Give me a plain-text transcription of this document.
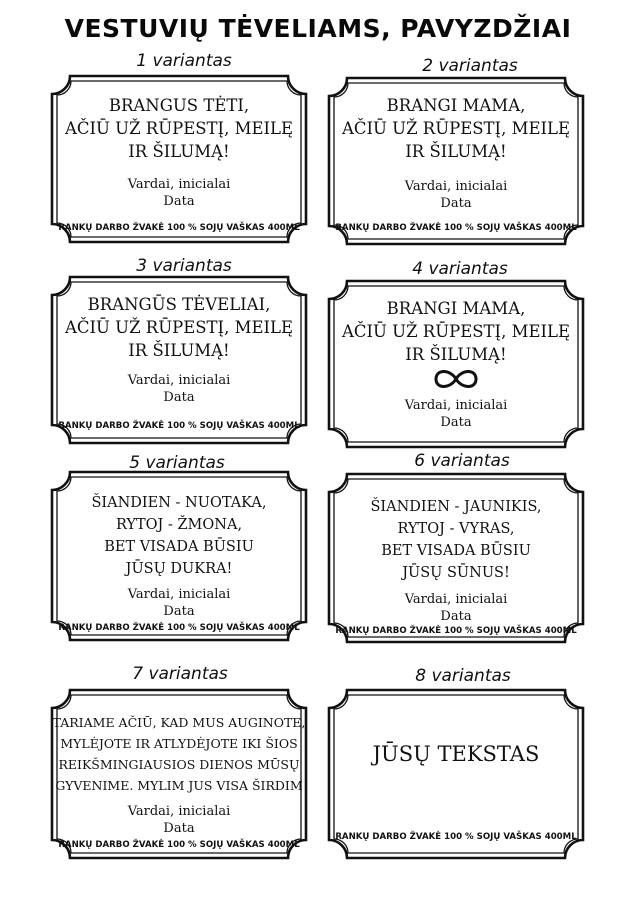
VESTUVIŲ TĖVELIAMS, PAVYZDŽIAI
1 variantas	2 variantas
3 variantas	4 variantas
5 variantas	6 variantas
7 variantas	8 variantas
BRANGUS TĖTI,
AČIŪ UŽ RŪPESTĮ, MEILĘ
IR ŠILUMĄ!
Vardai, inicialai
Data
RANKŲ DARBO ŽVAKĖ 100 % SOJŲ VAŠKAS 400ML
BRANGI MAMA,
AČIŪ UŽ RŪPESTĮ, MEILĘ
IR ŠILUMĄ!
Vardai, inicialai
Data
RANKŲ DARBO ŽVAKĖ 100 % SOJŲ VAŠKAS 400ML
BRANGŪS TĖVELIAI,
AČIŪ UŽ RŪPESTĮ, MEILĘ
IR ŠILUMĄ!
Vardai, inicialai
Data
RANKŲ DARBO ŽVAKĖ 100 % SOJŲ VAŠKAS 400ML
BRANGI MAMA,
AČIŪ UŽ RŪPESTĮ, MEILĘ
IR ŠILUMĄ!
Vardai, inicialai
Data
ŠIANDIEN - NUOTAKA,
RYTOJ - ŽMONA,
BET VISADA BŪSIU
JŪSŲ DUKRA!
Vardai, inicialai
Data
RANKŲ DARBO ŽVAKĖ 100 % SOJŲ VAŠKAS 400ML
ŠIANDIEN - JAUNIKIS,
RYTOJ - VYRAS,
BET VISADA BŪSIU
JŪSŲ SŪNUS!
Vardai, inicialai
Data
RANKŲ DARBO ŽVAKĖ 100 % SOJŲ VAŠKAS 400ML
TARIAME AČIŪ, KAD MUS AUGINOTE,
MYLĖJOTE IR ATLYDĖJOTE IKI ŠIOS
REIKŠMINGIAUSIOS DIENOS MŪSŲ
GYVENIME. MYLIM JUS VISA ŠIRDIM
Vardai, inicialai
Data
RANKŲ DARBO ŽVAKĖ 100 % SOJŲ VAŠKAS 400ML
JŪSŲ TEKSTAS
RANKŲ DARBO ŽVAKĖ 100 % SOJŲ VAŠKAS 400ML
